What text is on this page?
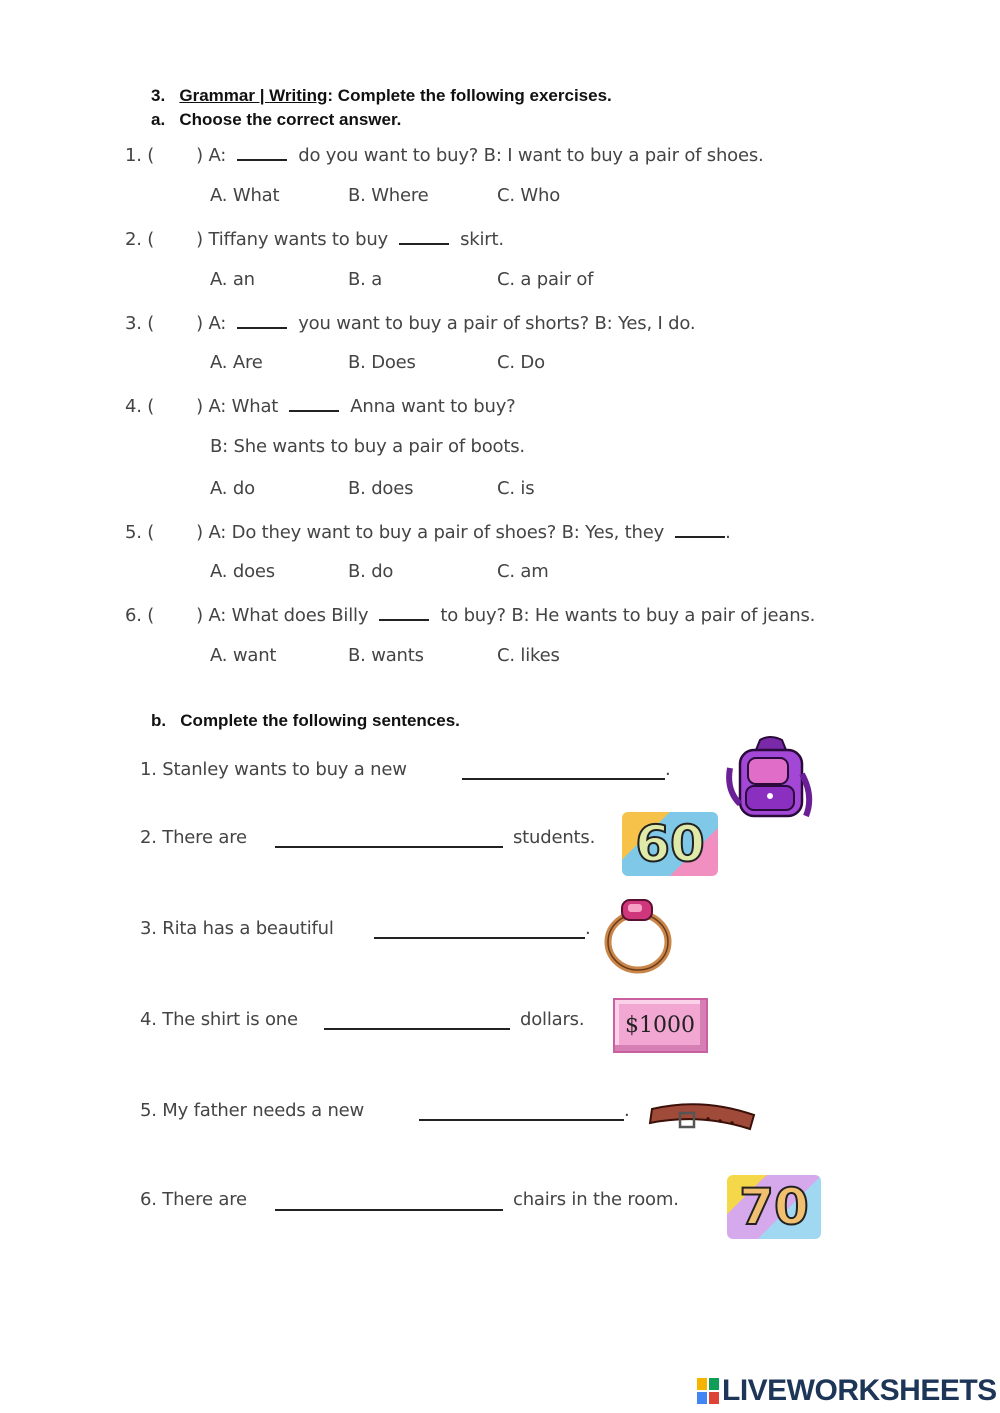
3. Grammar | Writing: Complete the following exercises.
a. Choose the correct answer.
1. ( ) A:	do you want to buy? B: I want to buy a pair of shoes.
A. What	B. Where	C. Who
2. ( ) Tiffany wants to buy	skirt.
A. an	B. a	C. a pair of
3. ( ) A:	you want to buy a pair of shorts? B: Yes, I do.
A. Are	B. Does	C. Do
4. ( ) A: What	Anna want to buy?
B: She wants to buy a pair of boots.
A. do	B. does	C. is
5. ( ) A: Do they want to buy a pair of shoes? B: Yes, they	.
A. does	B. do	C. am
6. ( ) A: What does Billy	to buy? B: He wants to buy a pair of jeans.
A. want	B. wants	C. likes
b. Complete the following sentences.
1. Stanley wants to buy a new	.
2. There are	students.
3. Rita has a beautiful	.
4. The shirt is one	dollars.
5. My father needs a new	.
6. There are	chairs in the room.
60
$1000
70
LIVEWORKSHEETS
